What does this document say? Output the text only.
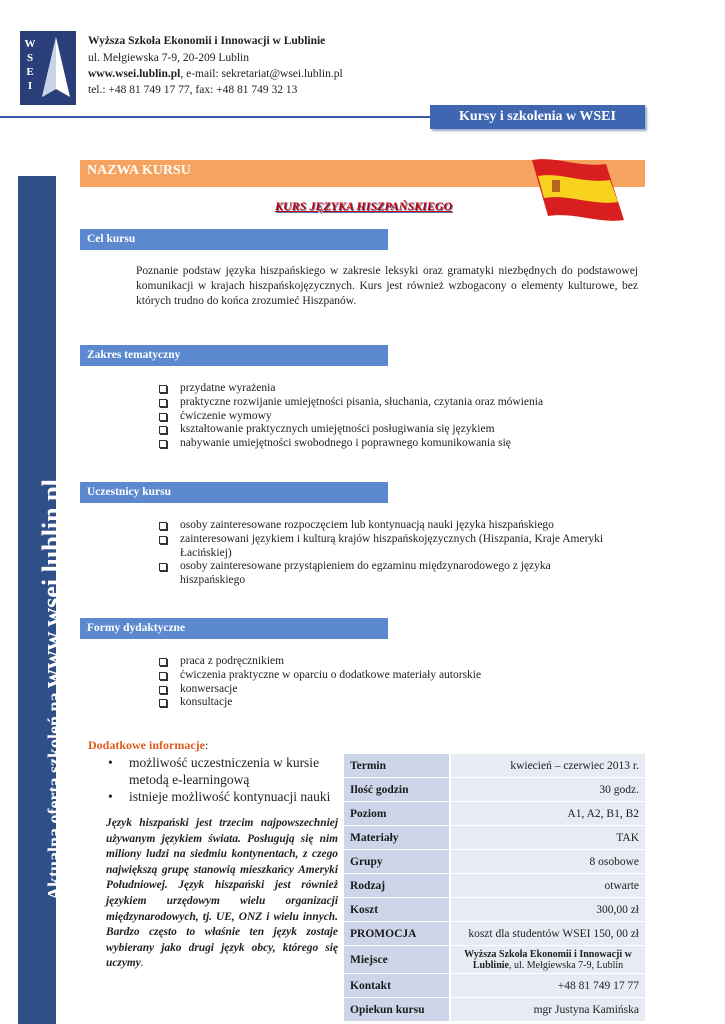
W
S
E
I
Wyższa Szkoła Ekonomii i Innowacji w Lublinie
ul. Mełgiewska 7-9, 20-209 Lublin
www.wsei.lublin.pl, e-mail: sekretariat@wsei.lublin.pl
tel.: +48 81 749 17 77, fax: +48 81 749 32 13
Kursy i szkolenia w WSEI
Aktualna oferta szkoleń na www.wsei.lublin.pl
NAZWA KURSU
KURS JĘZYKA HISZPAŃSKIEGO
Cel kursu
Poznanie podstaw języka hiszpańskiego w zakresie leksyki oraz gramatyki niezbędnych do podstawowej komunikacji w krajach hiszpańskojęzycznych. Kurs jest również wzbogacony o elementy kulturowe, bez których trudno do końca zrozumieć Hiszpanów.
Zakres tematyczny
przydatne wyrażenia
praktyczne rozwijanie umiejętności pisania, słuchania, czytania oraz mówienia
ćwiczenie wymowy
kształtowanie praktycznych umiejętności posługiwania się językiem
nabywanie umiejętności swobodnego i poprawnego komunikowania się
Uczestnicy kursu
osoby zainteresowane rozpoczęciem lub kontynuacją nauki języka hiszpańskiego
zainteresowani językiem i kulturą krajów hiszpańskojęzycznych (Hiszpania, Kraje Ameryki Łacińskiej)
osoby zainteresowane przystąpieniem do egzaminu międzynarodowego z języka hiszpańskiego
Formy dydaktyczne
praca z podręcznikiem
ćwiczenia praktyczne w oparciu o dodatkowe materiały autorskie
konwersacje
konsultacje
Dodatkowe informacje:
• możliwość uczestniczenia w kursie metodą e-learningową
• istnieje możliwość kontynuacji nauki
Język hiszpański jest trzecim najpowszechniej używanym językiem świata. Posługują się nim miliony ludzi na siedmiu kontynentach, z czego największą grupę stanowią mieszkańcy Ameryki Południowej. Język hiszpański jest również językiem urzędowym wielu organizacji międzynarodowych, tj. UE, ONZ i wielu innych. Bardzo często to właśnie ten język zostaje wybierany jako drugi język obcy, którego się uczymy.
Termin	kwiecień – czerwiec 2013 r.
Ilość godzin	30 godz.
Poziom	A1, A2, B1, B2
Materiały	TAK
Grupy	8 osobowe
Rodzaj	otwarte
Koszt	300,00 zł
PROMOCJA	koszt dla studentów WSEI 150, 00 zł
Miejsce	Wyższa Szkoła Ekonomii i Innowacji w Lublinie, ul. Mełgiewska 7-9, Lublin
Kontakt	+48 81 749 17 77
Opiekun kursu	mgr Justyna Kamińska
